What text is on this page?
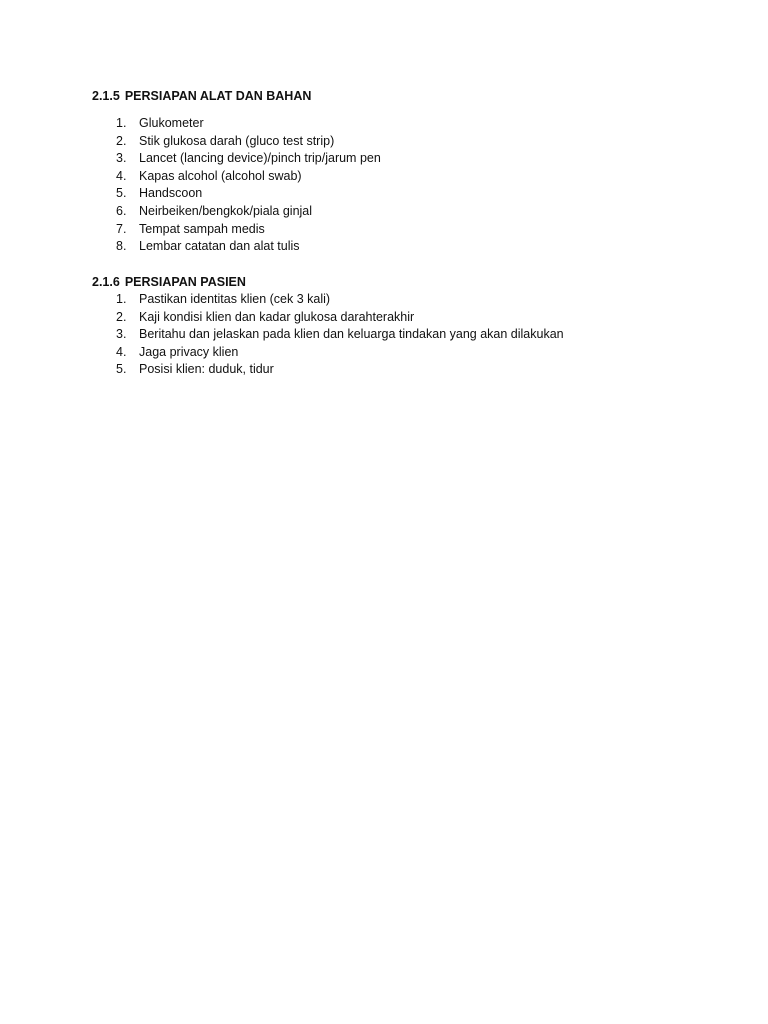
2.1.5 PERSIAPAN ALAT DAN BAHAN

1.	Glukometer
2.	Stik glukosa darah (gluco test strip)
3.	Lancet (lancing device)/pinch trip/jarum pen
4.	Kapas alcohol (alcohol swab)
5.	Handscoon
6.	Neirbeiken/bengkok/piala ginjal
7.	Tempat sampah medis
8.	Lembar catatan dan alat tulis

2.1.6 PERSIAPAN PASIEN

1.	Pastikan identitas klien (cek 3 kali)
2.	Kaji kondisi klien dan kadar glukosa darahterakhir
3.	Beritahu dan jelaskan pada klien dan keluarga tindakan yang akan dilakukan
4.	Jaga privacy klien
5.	Posisi klien: duduk, tidur
